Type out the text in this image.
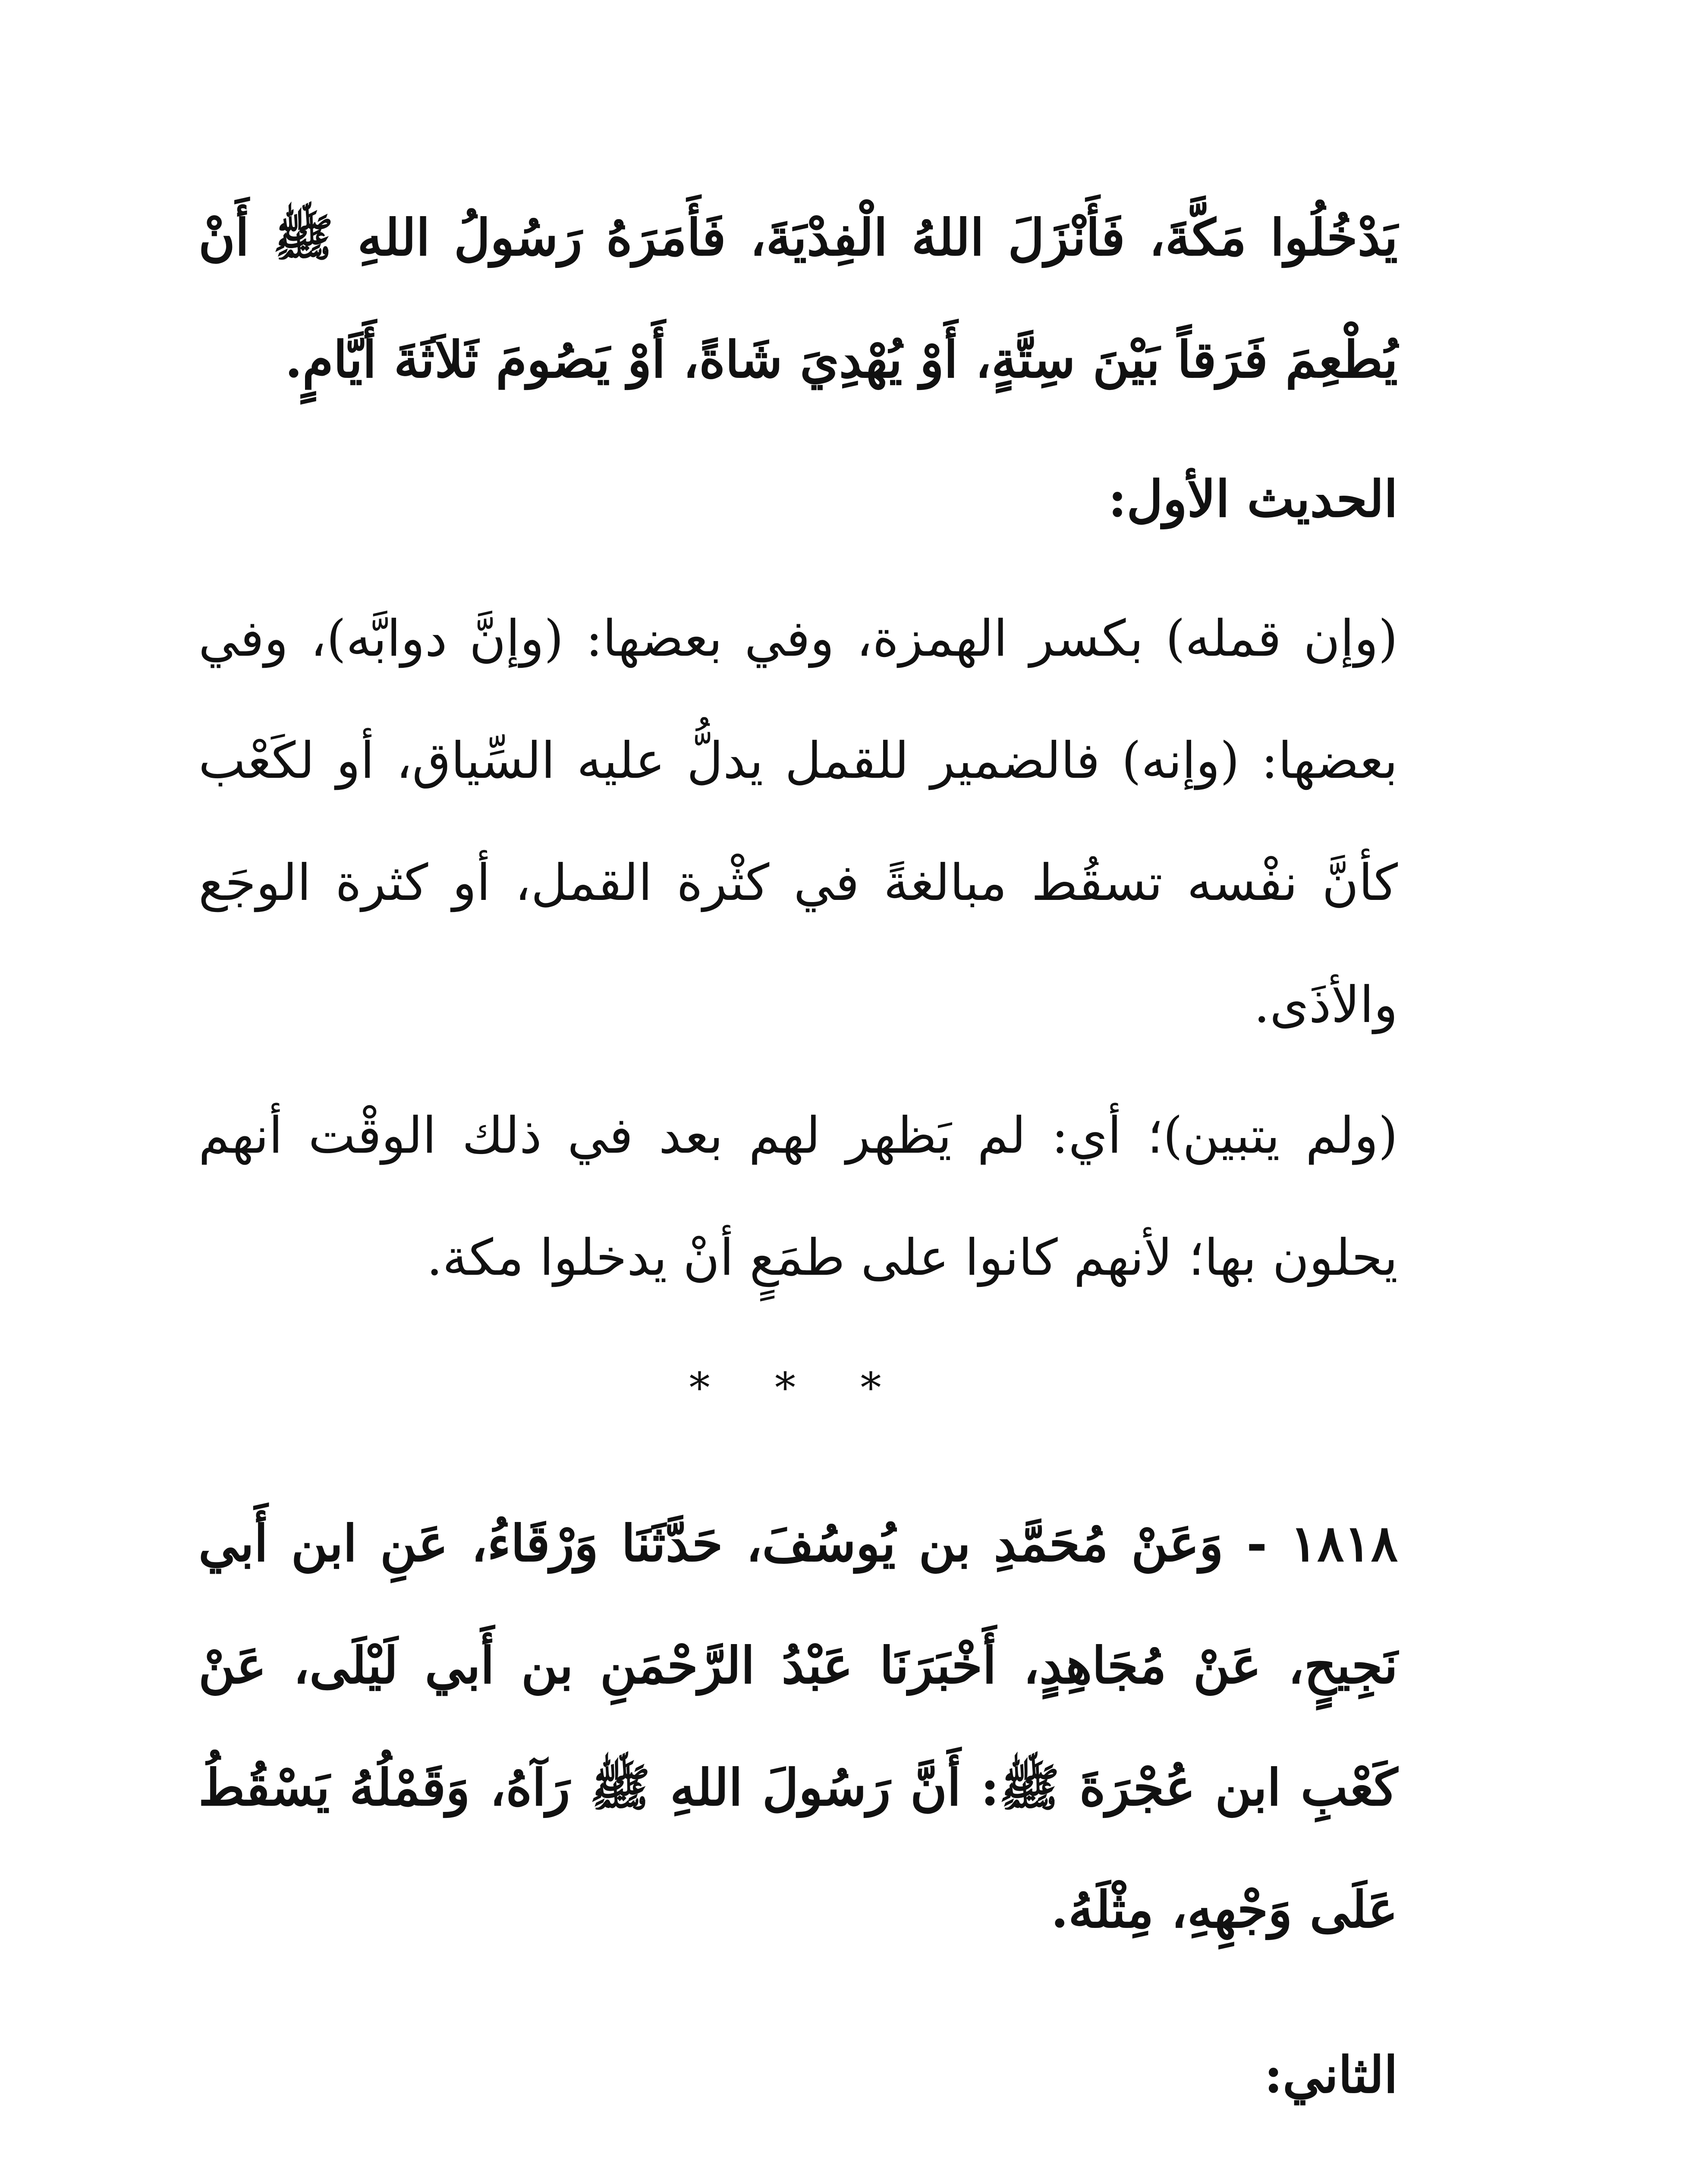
يَدْخُلُوا مَكَّةَ، فَأَنْزَلَ اللهُ الْفِدْيَةَ، فَأَمَرَهُ رَسُولُ اللهِ ﷺ أَنْ يُطْعِمَ فَرَقاً بَيْنَ سِتَّةٍ، أَوْ يُهْدِيَ شَاةً، أَوْ يَصُومَ ثَلاَثَةَ أَيَّامٍ.

الحديث الأول:

(وإن قمله) بكسر الهمزة، وفي بعضها: (وإنَّ دوابَّه)، وفي بعضها: (وإنه) فالضمير للقمل يدلُّ عليه السِّياق، أو لكَعْب كأنَّ نفْسه تسقُط مبالغةً في كثْرة القمل، أو كثرة الوجَع والأذَى.

(ولم يتبين)؛ أي: لم يَظهر لهم بعد في ذلك الوقْت أنهم يحلون بها؛ لأنهم كانوا على طمَعٍ أنْ يدخلوا مكة.

* * *

١٨١٨ - وَعَنْ مُحَمَّدِ بن يُوسُفَ، حَدَّثَنَا وَرْقَاءُ، عَنِ ابن أَبي نَجِيحٍ، عَنْ مُجَاهِدٍ، أَخْبَرَنَا عَبْدُ الرَّحْمَنِ بن أَبي لَيْلَى، عَنْ كَعْبِ ابن عُجْرَةَ ﷺ: أَنَّ رَسُولَ اللهِ ﷺ رَآهُ، وَقَمْلُهُ يَسْقُطُ عَلَى وَجْهِهِ، مِثْلَهُ.

الثاني:
